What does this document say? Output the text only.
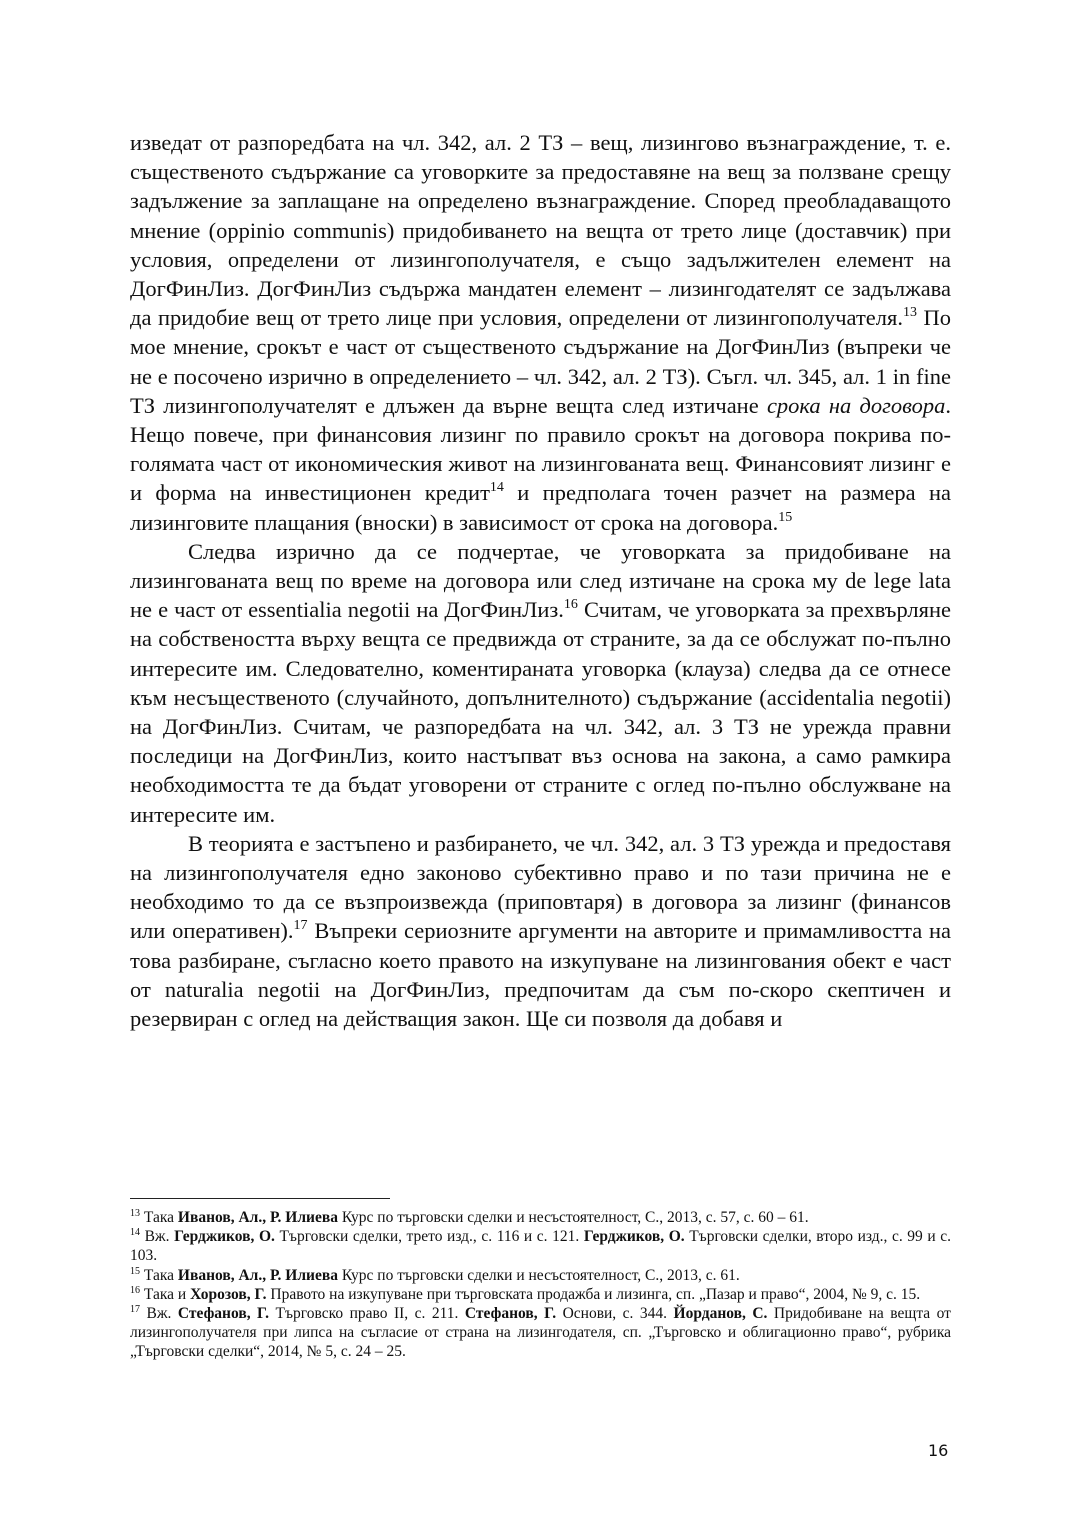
изведат от разпоредбата на чл. 342, ал. 2 ТЗ – вещ, лизингово възнаграждение, т. е. същественото съдържание са уговорките за предоставяне на вещ за ползване срещу задължение за заплащане на определено възнаграждение. Според преобладаващото мнение (oppinio communis) придобиването на вещта от трето лице (доставчик) при условия, определени от лизингополучателя, е също задължителен елемент на ДогФинЛиз. ДогФинЛиз съдържа мандатен елемент – лизингодателят се задължава да придобие вещ от трето лице при условия, определени от лизингополучателя.$^{13}$ По мое мнение, срокът е част от същественото съдържание на ДогФинЛиз (въпреки че не е посочено изрично в определението – чл. 342, ал. 2 ТЗ). Съгл. чл. 345, ал. 1 in fine ТЗ лизингополучателят е длъжен да върне вещта след изтичане срока на договора. Нещо повече, при финансовия лизинг по правило срокът на договора покрива по-голямата част от икономическия живот на лизингованата вещ. Финансовият лизинг е и форма на инвестиционен кредит$^{14}$ и предполага точен разчет на размера на лизинговите плащания (вноски) в зависимост от срока на договора.$^{15}$

Следва изрично да се подчертае, че уговорката за придобиване на лизингованата вещ по време на договора или след изтичане на срока му de lege lata не е част от essentialia negotii на ДогФинЛиз.$^{16}$ Считам, че уговорката за прехвърляне на собствеността върху вещта се предвижда от страните, за да се обслужат по-пълно интересите им. Следователно, коментираната уговорка (клауза) следва да се отнесе към несъщественото (случайното, допълнителното) съдържание (accidentalia negotii) на ДогФинЛиз. Считам, че разпоредбата на чл. 342, ал. 3 ТЗ не урежда правни последици на ДогФинЛиз, които настъпват въз основа на закона, а само рамкира необходимостта те да бъдат уговорени от страните с оглед по-пълно обслужване на интересите им.

В теорията е застъпено и разбирането, че чл. 342, ал. 3 ТЗ урежда и предоставя на лизингополучателя едно законово субективно право и по тази причина не е необходимо то да се възпроизвежда (приповтаря) в договора за лизинг (финансов или оперативен).$^{17}$ Въпреки сериозните аргументи на авторите и примамливостта на това разбиране, съгласно което правото на изкупуване на лизингования обект е част от naturalia negotii на ДогФинЛиз, предпочитам да съм по-скоро скептичен и резервиран с оглед на действащия закон. Ще си позволя да добавя и

$^{13}$ Така Иванов, Ал., Р. Илиева Курс по търговски сделки и несъстоятелност, С., 2013, с. 57, с. 60 – 61.

$^{14}$ Вж. Герджиков, О. Търговски сделки, трето изд., с. 116 и с. 121. Герджиков, О. Търговски сделки, второ изд., с. 99 и с. 103.

$^{15}$ Така Иванов, Ал., Р. Илиева Курс по търговски сделки и несъстоятелност, С., 2013, с. 61.

$^{16}$ Така и Хорозов, Г. Правото на изкупуване при търговската продажба и лизинга, сп. „Пазар и право“, 2004, № 9, с. 15.

$^{17}$ Вж. Стефанов, Г. Търговско право II, с. 211. Стефанов, Г. Основи, с. 344. Йорданов, С. Придобиване на вещта от лизингополучателя при липса на съгласие от страна на лизингодателя, сп. „Търговско и облигационно право“, рубрика „Търговски сделки“, 2014, № 5, с. 24 – 25.

16
